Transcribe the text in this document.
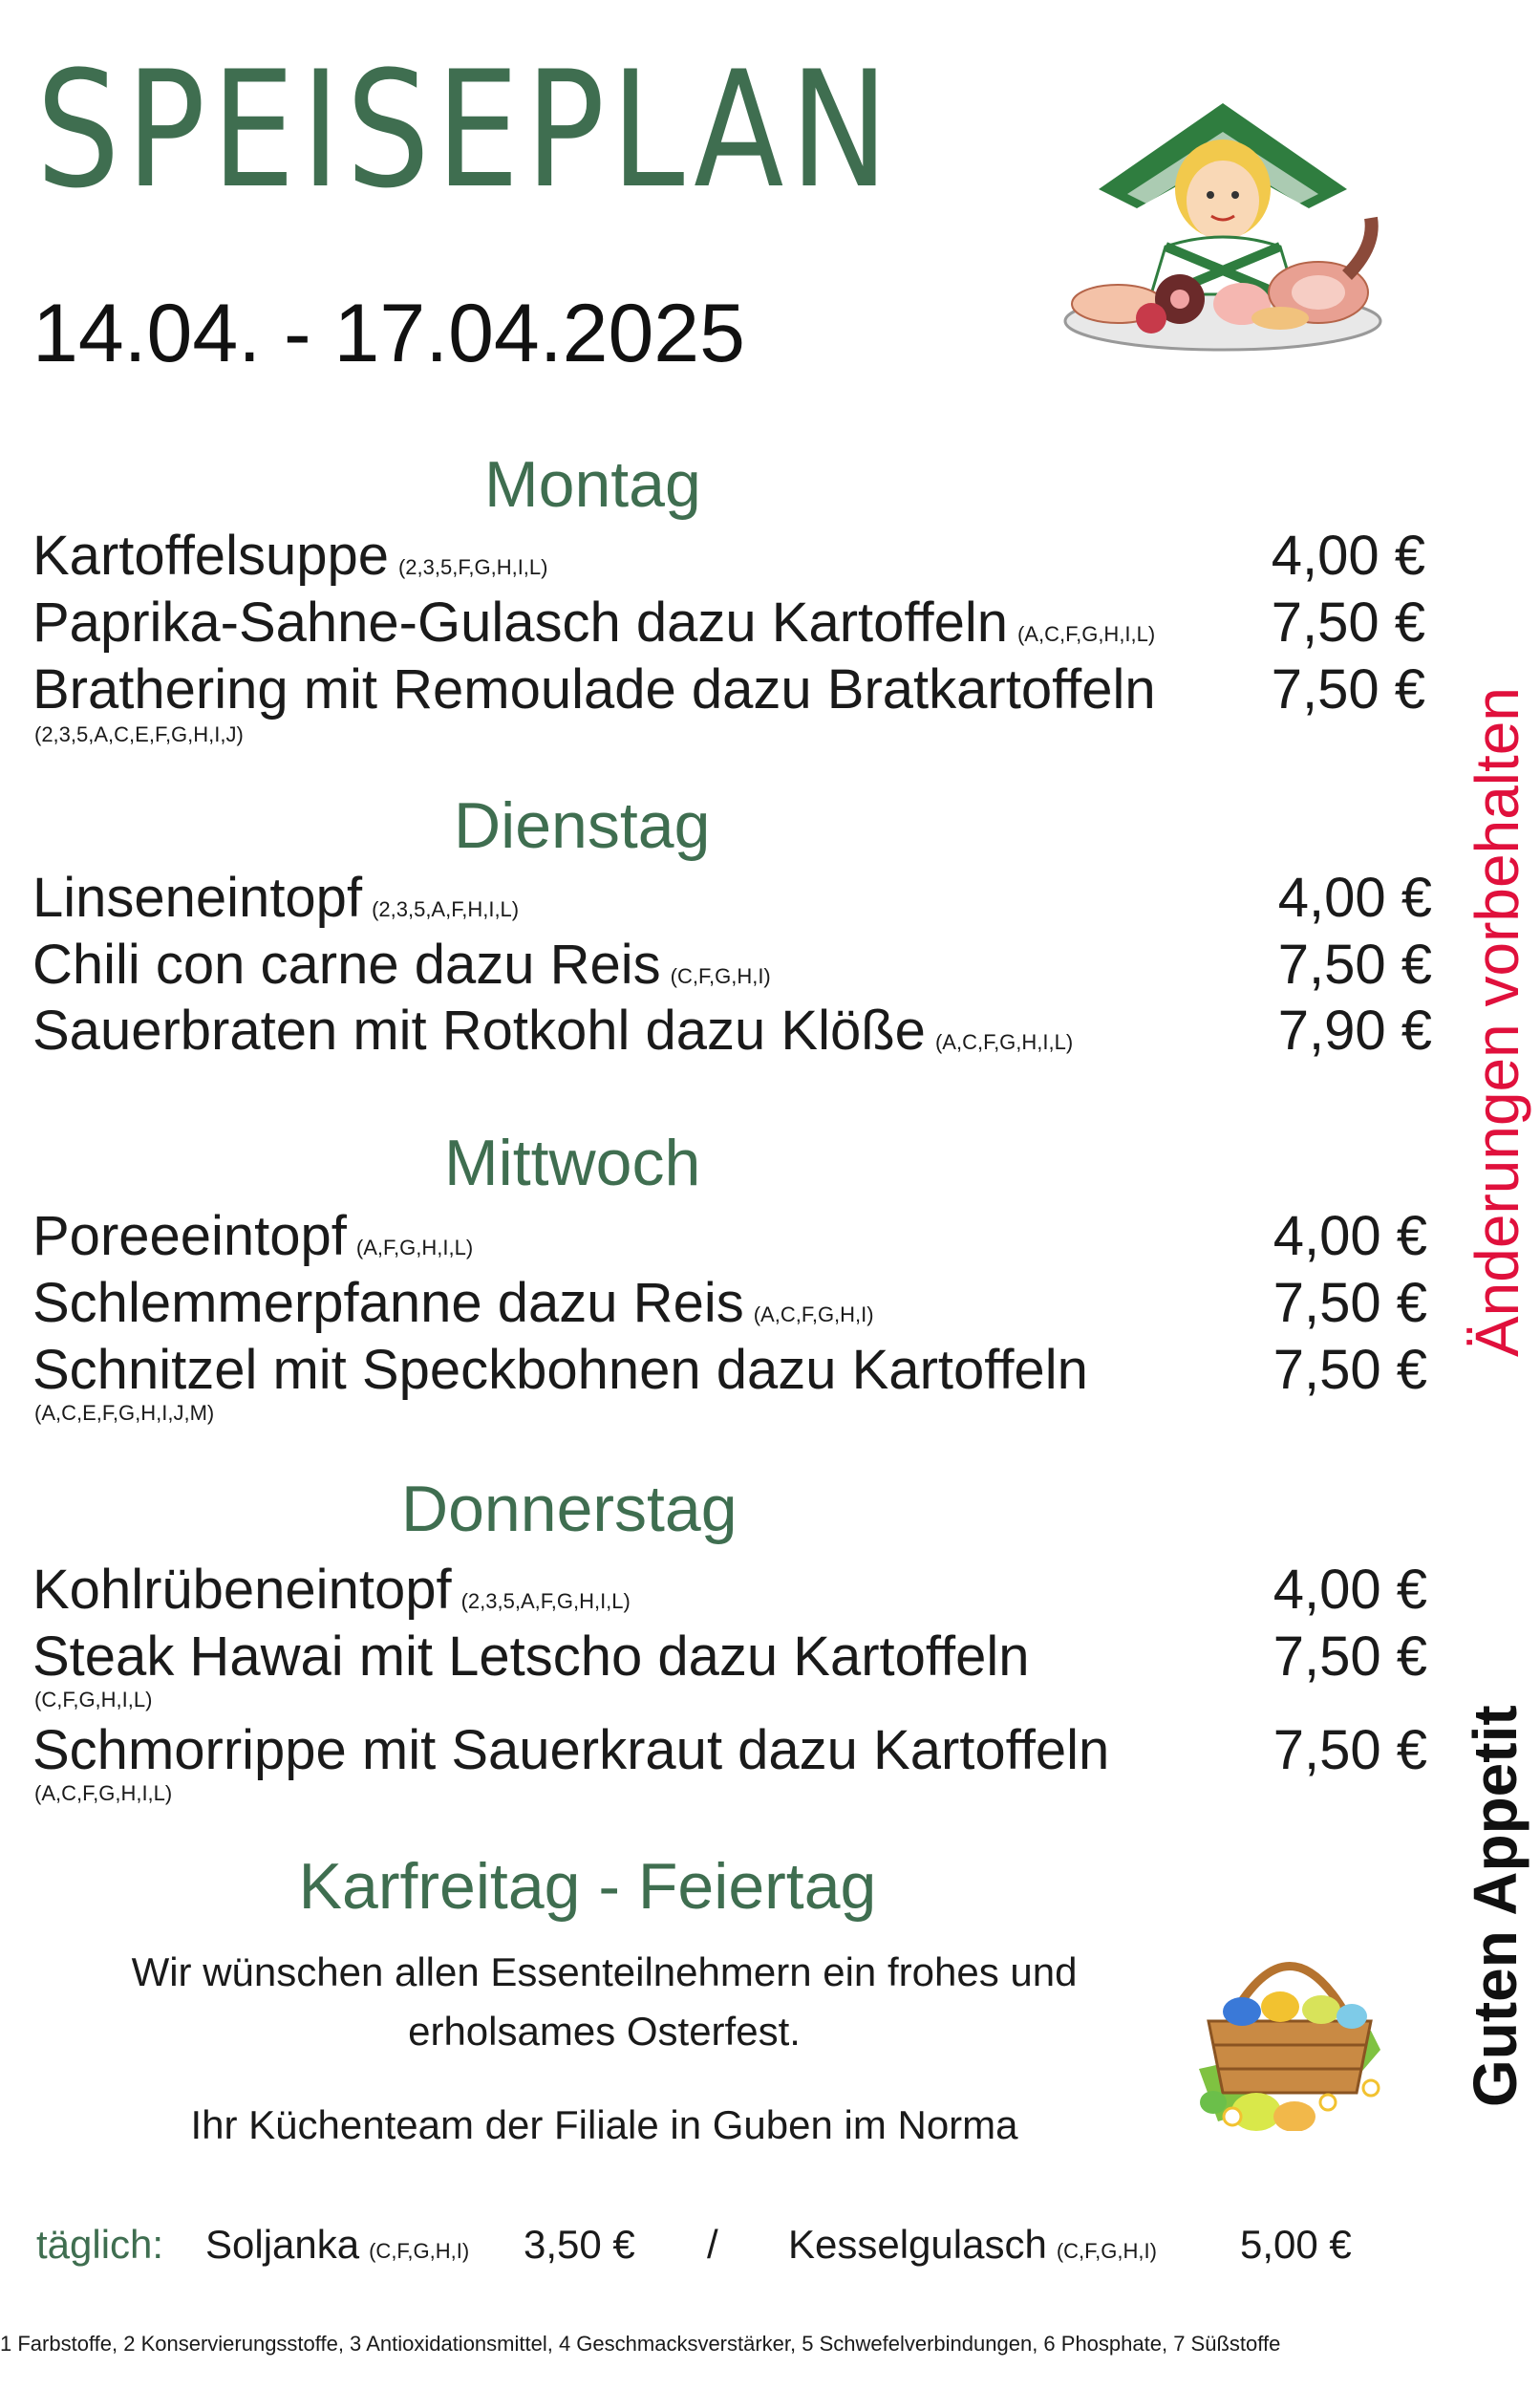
SPEISEPLAN
14.04. - 17.04.2025
Montag
Kartoffelsuppe (2,3,5,F,G,H,I,L)	4,00 €
Paprika-Sahne-Gulasch dazu Kartoffeln (A,C,F,G,H,I,L) 7,50 €
Brathering mit Remoulade dazu Bratkartoffeln
(2,3,5,A,C,E,F,G,H,I,J)
7,50 €
Dienstag
Linseneintopf (2,3,5,A,F,H,I,L)	4,00 €
Chili con carne dazu Reis (C,F,G,H,I)	7,50 €
Sauerbraten mit Rotkohl dazu Klöße (A,C,F,G,H,I,L)	7,90 €
Mittwoch
Poreeeintopf (A,F,G,H,I,L)	4,00 €
Schlemmerpfanne dazu Reis (A,C,F,G,H,I)	7,50 €
Schnitzel mit Speckbohnen dazu Kartoffeln
(A,C,E,F,G,H,I,J,M)
7,50 €
Donnerstag
Kohlrübeneintopf (2,3,5,A,F,G,H,I,L)	4,00 €
Steak Hawai mit Letscho dazu Kartoffeln
(C,F,G,H,I,L)
7,50 €
Schmorrippe mit Sauerkraut dazu Kartoffeln
(A,C,F,G,H,I,L)
7,50 €
Änderungen vorbehalten
Guten Appetit
Karfreitag - Feiertag
Wir wünschen allen Essenteilnehmern ein frohes und
erholsames Osterfest.
Ihr Küchenteam der Filiale in Guben im Norma
täglich: Soljanka (C,F,G,H,I) 3,50 € / Kesselgulasch (C,F,G,H,I) 5,00 €
1 Farbstoffe, 2 Konservierungsstoffe, 3 Antioxidationsmittel, 4 Geschmacksverstärker, 5 Schwefelverbindungen, 6 Phosphate, 7 Süßstoffe
